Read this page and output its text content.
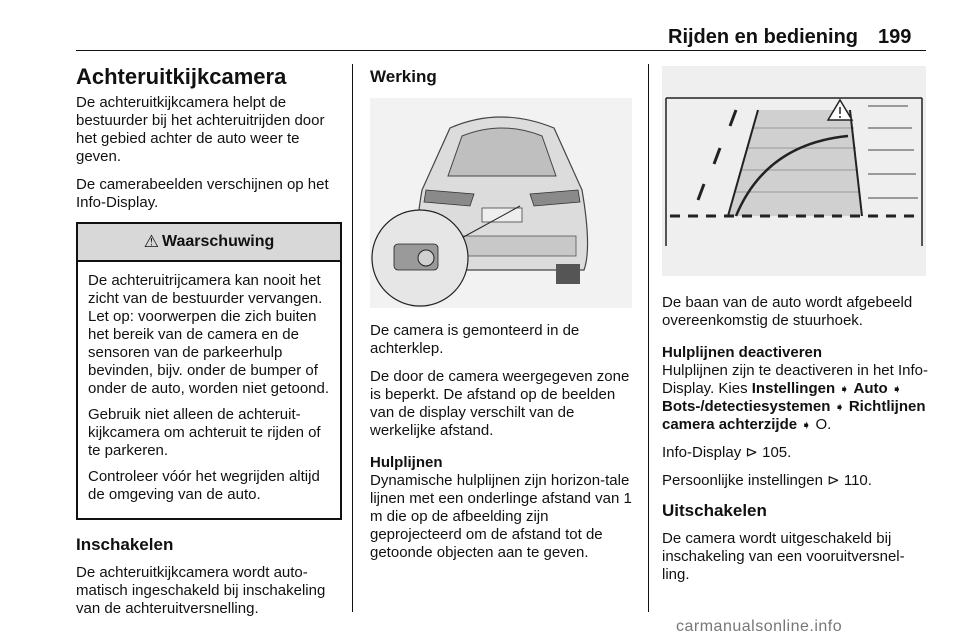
Rijden en bediening 199
Achteruitkijkcamera

De achteruitkijkcamera helpt de bestuurder bij het achteruitrijden door het gebied achter de auto weer te geven.

De camerabeelden verschijnen op het Info-Display.

⚠ Waarschuwing

De achteruitrijcamera kan nooit het zicht van de bestuurder vervangen. Let op: voorwerpen die zich buiten het bereik van de camera en de sensoren van de parkeerhulp bevinden, bijv. onder de bumper of onder de auto, worden niet getoond.

Gebruik niet alleen de achteruit-kijkcamera om achteruit te rijden of te parkeren.

Controleer vóór het wegrijden altijd de omgeving van de auto.

Inschakelen

De achteruitkijkcamera wordt auto-matisch ingeschakeld bij inschakeling van de achteruitversnelling.

Werking

De camera is gemonteerd in de achterklep.

De door de camera weergegeven zone is beperkt. De afstand op de beelden van de display verschilt van de werkelijke afstand.

Hulplijnen

Dynamische hulplijnen zijn horizon-tale lijnen met een onderlinge afstand van 1 m die op de afbeelding zijn geprojecteerd om de afstand tot de getoonde objecten aan te geven.

De baan van de auto wordt afgebeeld overeenkomstig de stuurhoek.

Hulplijnen deactiveren

Hulplijnen zijn te deactiveren in het Info-Display. Kies Instellingen ➧ Auto ➧ Bots-/detectiesystemen ➧ Richtlijnen camera achterzijde ➧ O.

Info-Display ⊳ 105.

Persoonlijke instellingen ⊳ 110.

Uitschakelen

De camera wordt uitgeschakeld bij inschakeling van een vooruitversnel-ling.

carmanualsonline.info
